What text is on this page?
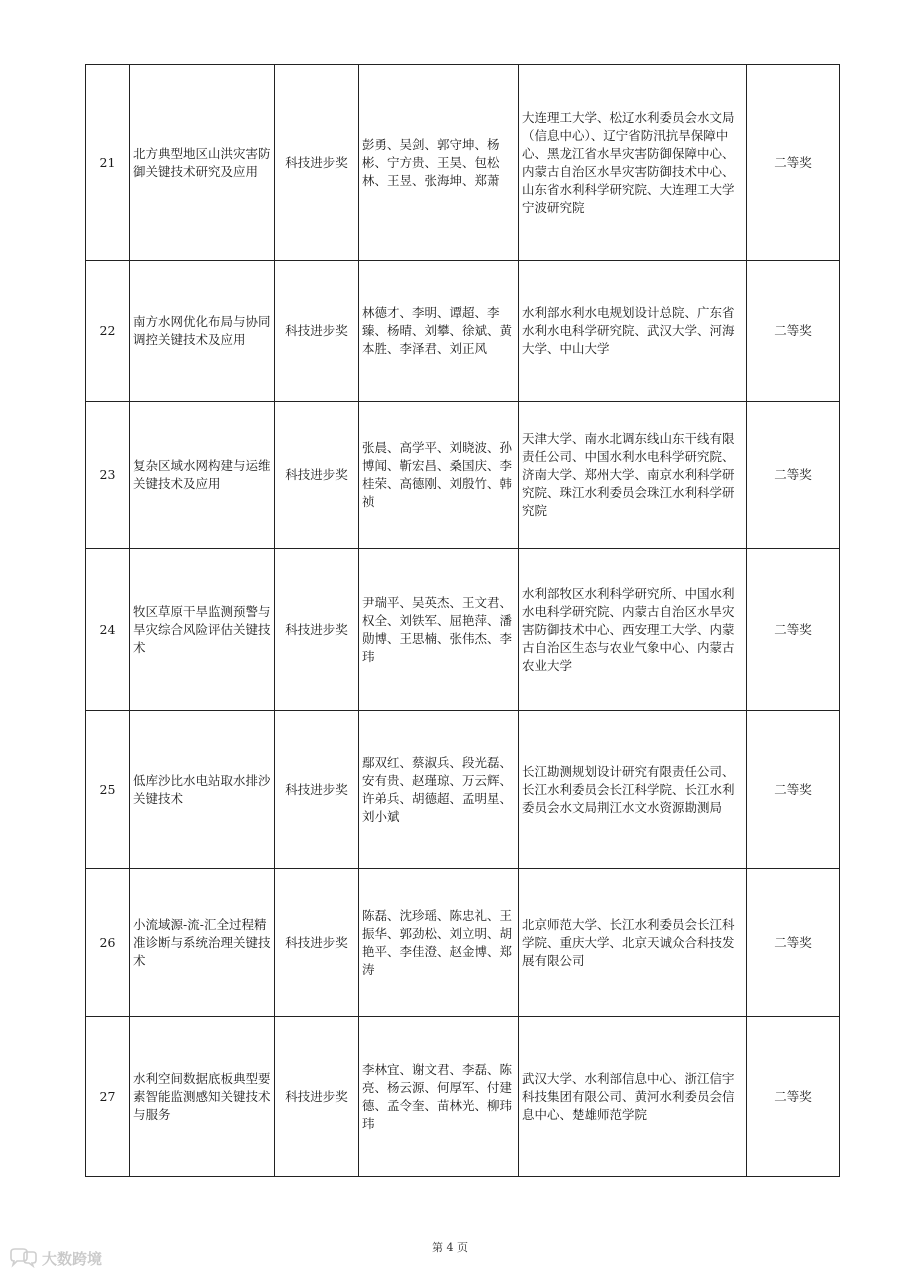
21	北方典型地区山洪灾害防御关键技术研究及应用	科技进步奖	彭勇、吴剑、郭守坤、杨彬、宁方贵、王昊、包松林、王昱、张海坤、郑萧	大连理工大学、松辽水利委员会水文局（信息中心）、辽宁省防汛抗旱保障中心、黑龙江省水旱灾害防御保障中心、内蒙古自治区水旱灾害防御技术中心、山东省水利科学研究院、大连理工大学宁波研究院	二等奖
22	南方水网优化布局与协同调控关键技术及应用	科技进步奖	林德才、李明、谭超、李臻、杨晴、刘攀、徐斌、黄本胜、李泽君、刘正风	水利部水利水电规划设计总院、广东省水利水电科学研究院、武汉大学、河海大学、中山大学	二等奖
23	复杂区域水网构建与运维关键技术及应用	科技进步奖	张晨、高学平、刘晓波、孙博闻、靳宏昌、桑国庆、李桂荣、高德刚、刘殷竹、韩祯	天津大学、南水北调东线山东干线有限责任公司、中国水利水电科学研究院、济南大学、郑州大学、南京水利科学研究院、珠江水利委员会珠江水利科学研究院	二等奖
24	牧区草原干旱监测预警与旱灾综合风险评估关键技术	科技进步奖	尹瑞平、吴英杰、王文君、权全、刘铁军、屈艳萍、潘勋博、王思楠、张伟杰、李玮	水利部牧区水利科学研究所、中国水利水电科学研究院、内蒙古自治区水旱灾害防御技术中心、西安理工大学、内蒙古自治区生态与农业气象中心、内蒙古农业大学	二等奖
25	低库沙比水电站取水排沙关键技术	科技进步奖	鄢双红、蔡淑兵、段光磊、安有贵、赵瑾琼、万云辉、许弟兵、胡德超、孟明星、刘小斌	长江勘测规划设计研究有限责任公司、长江水利委员会长江科学院、长江水利委员会水文局荆江水文水资源勘测局	二等奖
26	小流域源-流-汇全过程精准诊断与系统治理关键技术	科技进步奖	陈磊、沈珍瑶、陈忠礼、王振华、郭劲松、刘立明、胡艳平、李佳澄、赵金博、郑涛	北京师范大学、长江水利委员会长江科学院、重庆大学、北京天诚众合科技发展有限公司	二等奖
27	水利空间数据底板典型要素智能监测感知关键技术与服务	科技进步奖	李林宜、谢文君、李磊、陈亮、杨云源、何厚军、付建德、孟令奎、苗林光、柳玮玮	武汉大学、水利部信息中心、浙江信宇科技集团有限公司、黄河水利委员会信息中心、楚雄师范学院	二等奖
第 4 页
大数跨境
